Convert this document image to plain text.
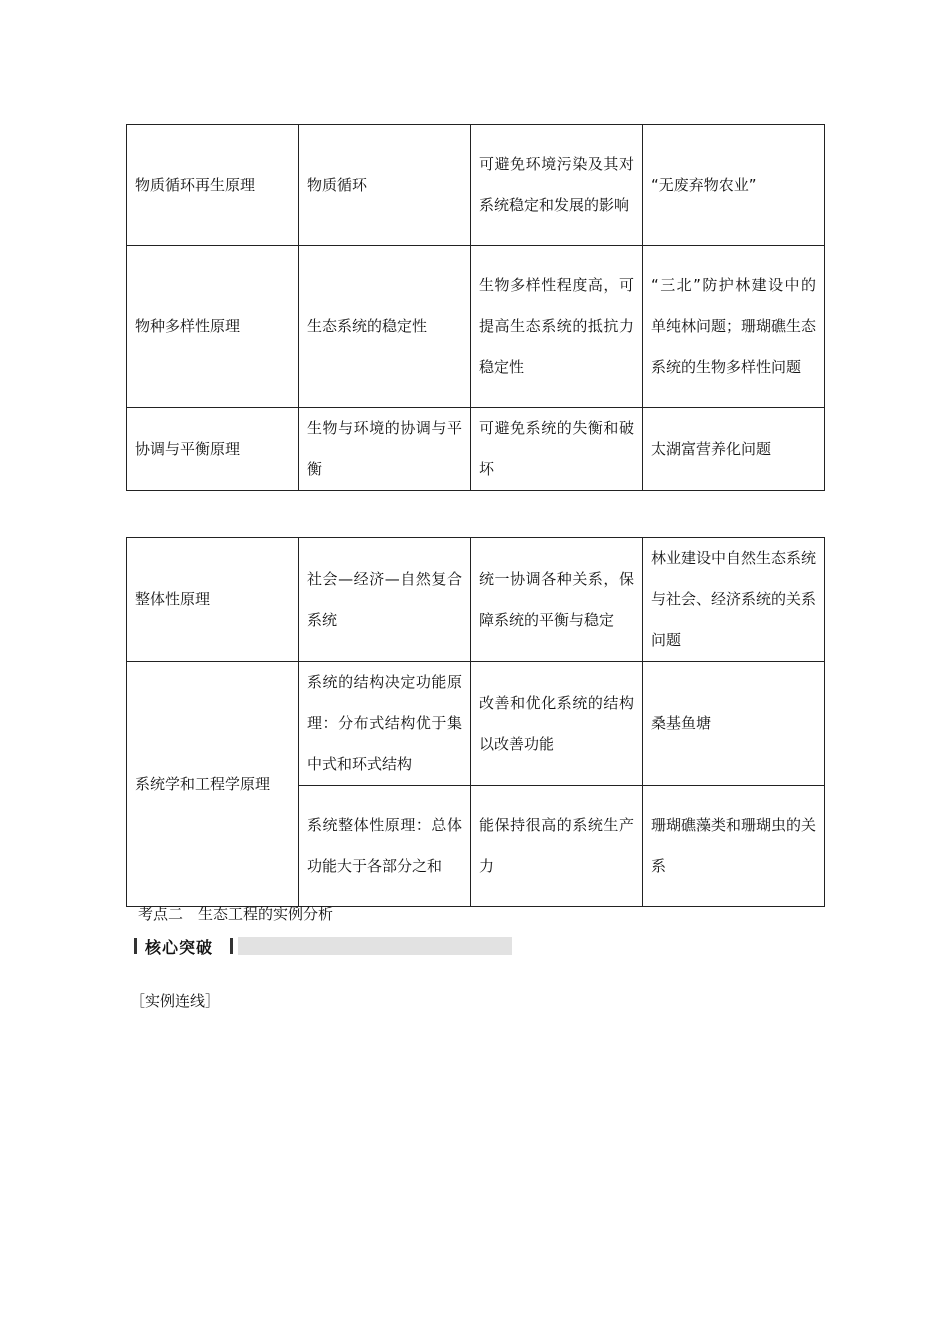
物质循环再生原理	物质循环	可避免环境污染及其对系统稳定和发展的影响	“无废弃物农业”
物种多样性原理	生态系统的稳定性	生物多样性程度高，可提高生态系统的抵抗力稳定性	“三北”防护林建设中的单纯林问题；珊瑚礁生态系统的生物多样性问题
协调与平衡原理	生物与环境的协调与平衡	可避免系统的失衡和破坏	太湖富营养化问题
整体性原理	社会—经济—自然复合系统	统一协调各种关系，保障系统的平衡与稳定	林业建设中自然生态系统与社会、经济系统的关系问题
系统学和工程学原理	系统的结构决定功能原理：分布式结构优于集中式和环式结构	改善和优化系统的结构以改善功能	桑基鱼塘
	系统整体性原理：总体功能大于各部分之和	能保持很高的系统生产力	珊瑚礁藻类和珊瑚虫的关系
考点二　生态工程的实例分析
核心突破
［实例连线］
